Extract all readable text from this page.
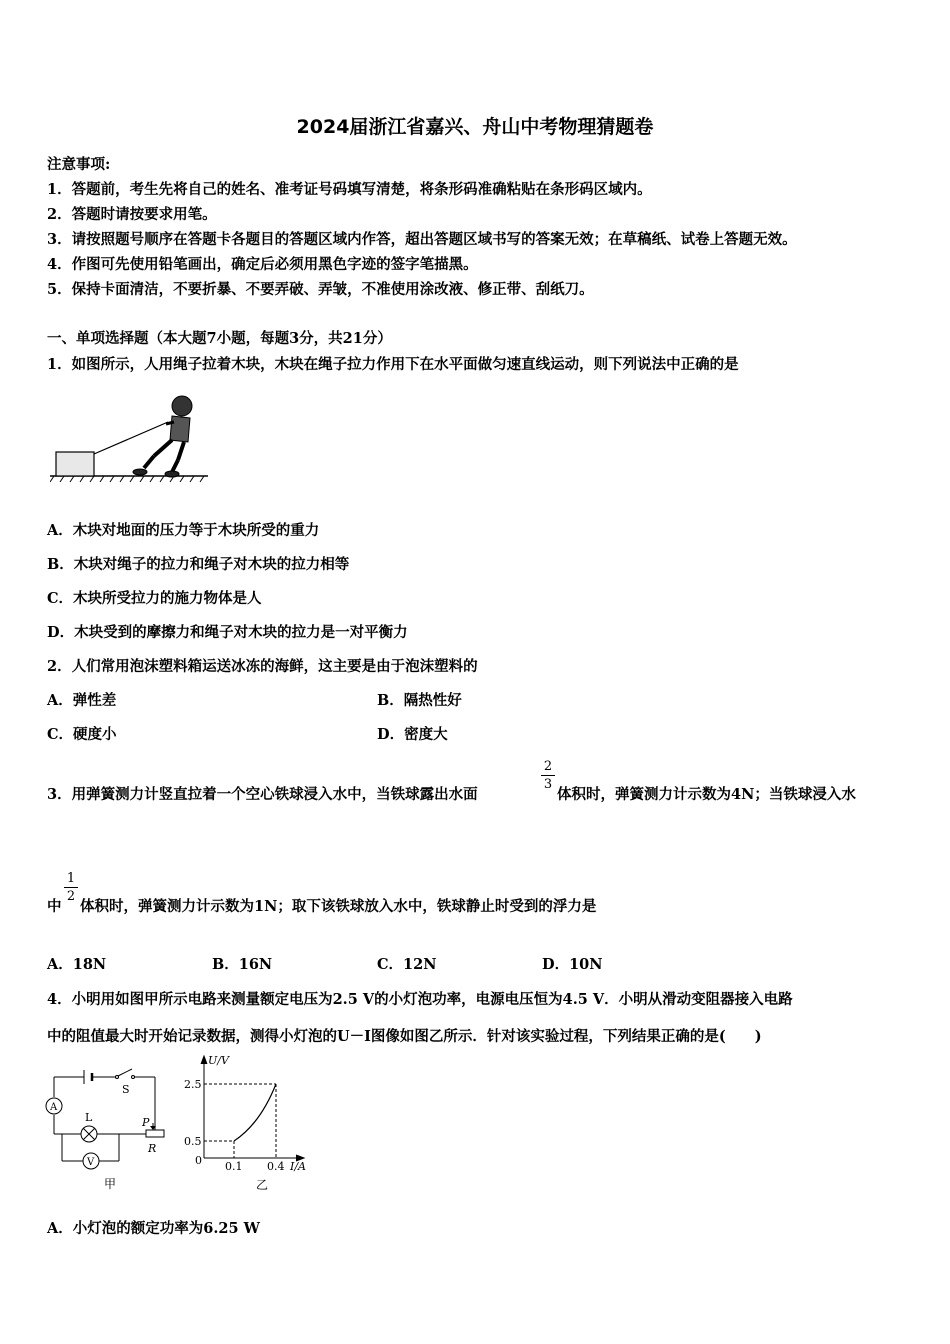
2024届浙江省嘉兴、舟山中考物理猜题卷
注意事项:
1．答题前，考生先将自己的姓名、准考证号码填写清楚，将条形码准确粘贴在条形码区域内。
2．答题时请按要求用笔。
3．请按照题号顺序在答题卡各题目的答题区域内作答，超出答题区域书写的答案无效；在草稿纸、试卷上答题无效。
4．作图可先使用铅笔画出，确定后必须用黑色字迹的签字笔描黑。
5．保持卡面清洁，不要折暴、不要弄破、弄皱，不准使用涂改液、修正带、刮纸刀。
一、单项选择题（本大题7小题，每题3分，共21分）
1．如图所示，人用绳子拉着木块，木块在绳子拉力作用下在水平面做匀速直线运动，则下列说法中正确的是
A．木块对地面的压力等于木块所受的重力
B．木块对绳子的拉力和绳子对木块的拉力相等
C．木块所受拉力的施力物体是人
D．木块受到的摩擦力和绳子对木块的拉力是一对平衡力
2．人们常用泡沫塑料箱运送冰冻的海鲜，这主要是由于泡沫塑料的
A．弹性差	B．隔热性好
C．硬度小	D．密度大
3．用弹簧测力计竖直拉着一个空心铁球浸入水中，当铁球露出水面
2
3
体积时，弹簧测力计示数为4N；当铁球浸入水
中
1
2
体积时，弹簧测力计示数为1N；取下该铁球放入水中，铁球静止时受到的浮力是
A．18N	B．16N	C．12N	D．10N
4．小明用如图甲所示电路来测量额定电压为2.5 V的小灯泡功率，电源电压恒为4.5 V．小明从滑动变阻器接入电路
中的阻值最大时开始记录数据，测得小灯泡的U－I图像如图乙所示．针对该实验过程，下列结果正确的是(　　)
S
A
L	P
R
V
甲
U/V
2.5
0.5
0 0.1 0.4 I/A
乙
A．小灯泡的额定功率为6.25 W
